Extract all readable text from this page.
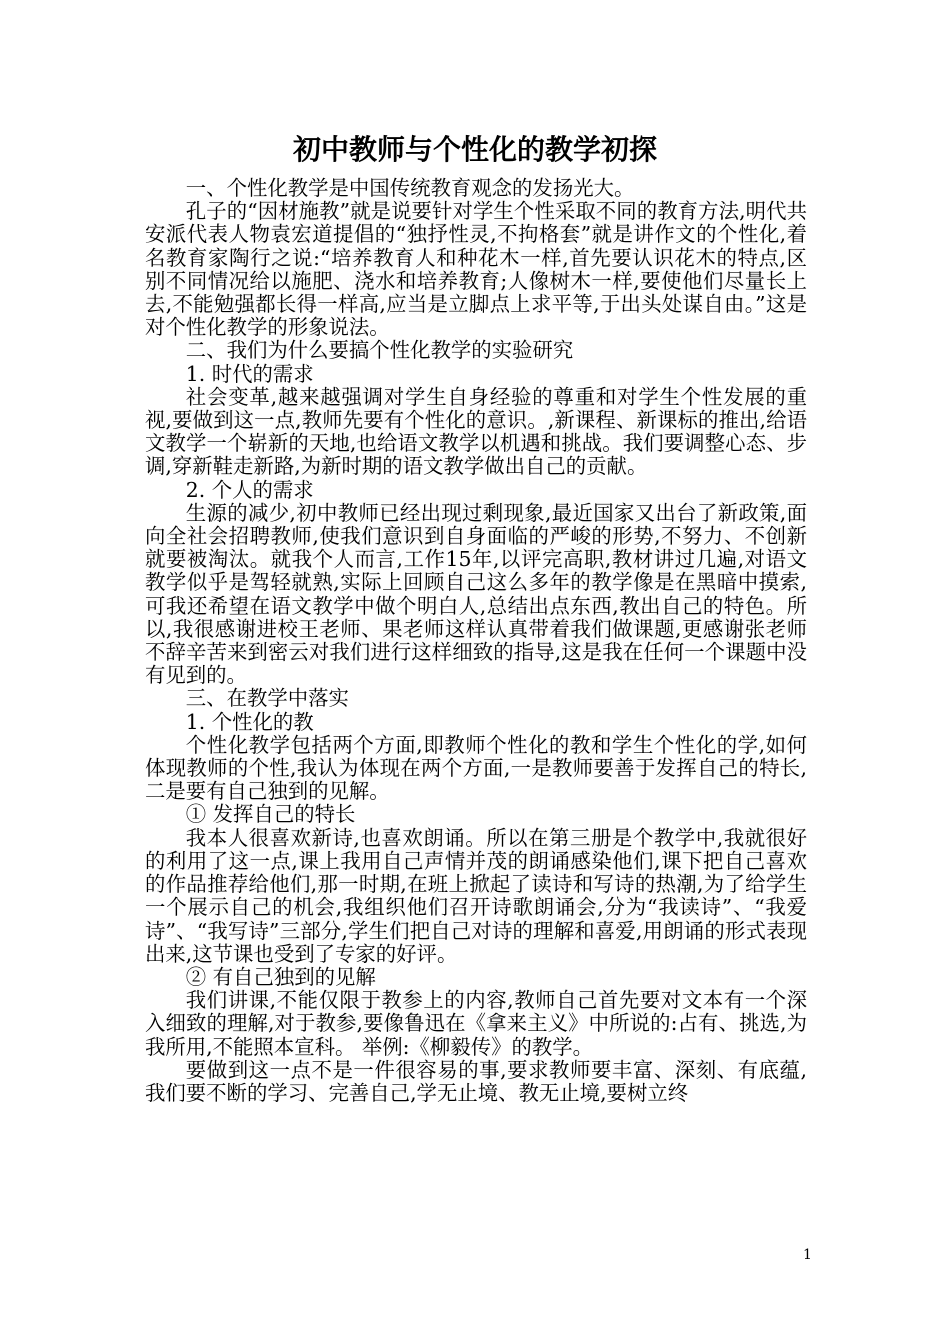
初中教师与个性化的教学初探

一、个性化教学是中国传统教育观念的发扬光大。

孔子的“因材施教”就是说要针对学生个性采取不同的教育方法,明代共安派代表人物袁宏道提倡的“独抒性灵,不拘格套”就是讲作文的个性化,着名教育家陶行之说:“培养教育人和种花木一样,首先要认识花木的特点,区别不同情况给以施肥、浇水和培养教育;人像树木一样,要使他们尽量长上去,不能勉强都长得一样高,应当是立脚点上求平等,于出头处谋自由。”这是对个性化教学的形象说法。

二、我们为什么要搞个性化教学的实验研究

1. 时代的需求

社会变革,越来越强调对学生自身经验的尊重和对学生个性发展的重视,要做到这一点,教师先要有个性化的意识。,新课程、新课标的推出,给语文教学一个崭新的天地,也给语文教学以机遇和挑战。我们要调整心态、步调,穿新鞋走新路,为新时期的语文教学做出自己的贡献。

2. 个人的需求

生源的减少,初中教师已经出现过剩现象,最近国家又出台了新政策,面向全社会招聘教师,使我们意识到自身面临的严峻的形势,不努力、不创新就要被淘汰。就我个人而言,工作15年,以评完高职,教材讲过几遍,对语文教学似乎是驾轻就熟,实际上回顾自己这么多年的教学像是在黑暗中摸索,可我还希望在语文教学中做个明白人,总结出点东西,教出自己的特色。所以,我很感谢进校王老师、果老师这样认真带着我们做课题,更感谢张老师不辞辛苦来到密云对我们进行这样细致的指导,这是我在任何一个课题中没有见到的。

三、在教学中落实

1. 个性化的教

个性化教学包括两个方面,即教师个性化的教和学生个性化的学,如何体现教师的个性,我认为体现在两个方面,一是教师要善于发挥自己的特长,二是要有自己独到的见解。

① 发挥自己的特长

我本人很喜欢新诗,也喜欢朗诵。所以在第三册是个教学中,我就很好的利用了这一点,课上我用自己声情并茂的朗诵感染他们,课下把自己喜欢的作品推荐给他们,那一时期,在班上掀起了读诗和写诗的热潮,为了给学生一个展示自己的机会,我组织他们召开诗歌朗诵会,分为“我读诗”、“我爱诗”、“我写诗”三部分,学生们把自己对诗的理解和喜爱,用朗诵的形式表现出来,这节课也受到了专家的好评。

② 有自己独到的见解

我们讲课,不能仅限于教参上的内容,教师自己首先要对文本有一个深入细致的理解,对于教参,要像鲁迅在《拿来主义》中所说的:占有、挑选,为我所用,不能照本宣科。 举例:《柳毅传》的教学。

要做到这一点不是一件很容易的事,要求教师要丰富、深刻、有底蕴,我们要不断的学习、完善自己,学无止境、教无止境,要树立终

1
